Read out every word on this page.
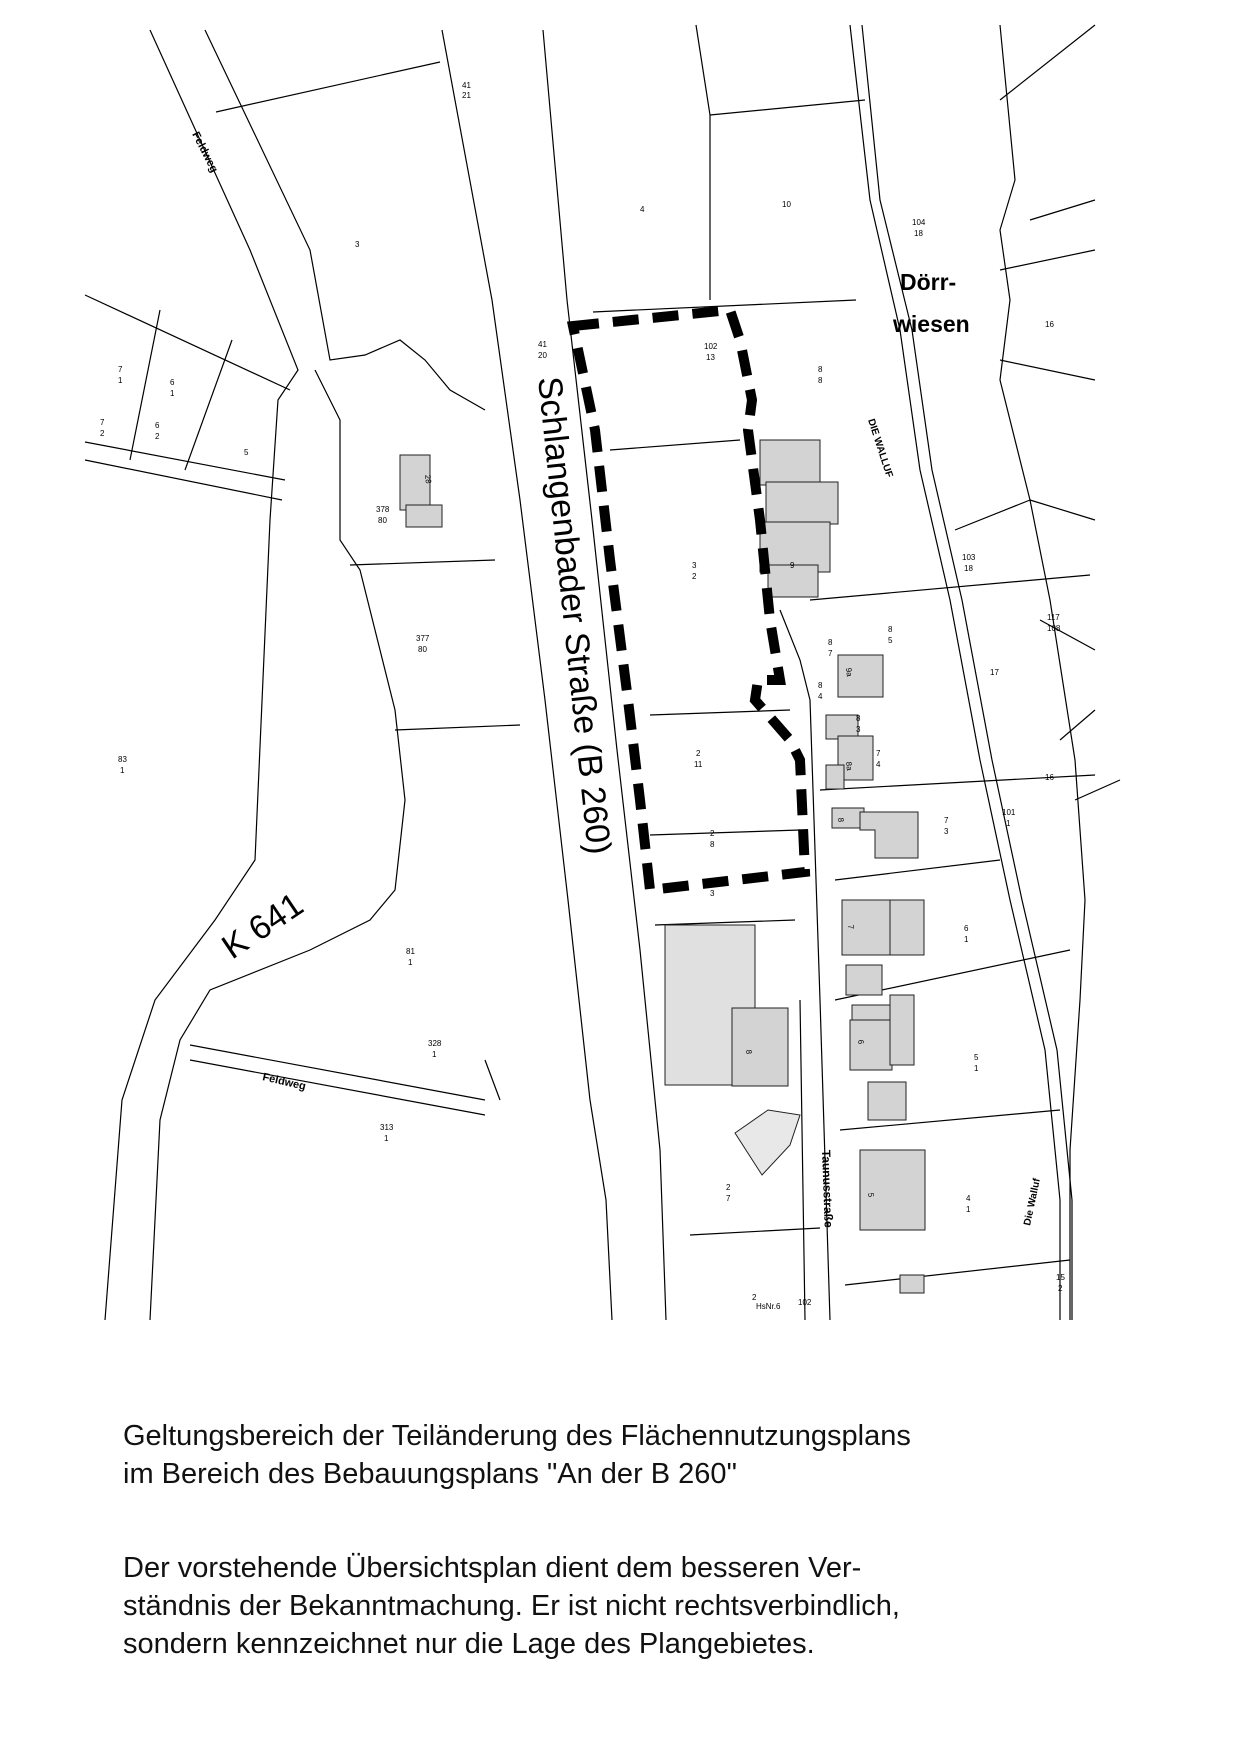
Schlangenbader Straße (B 260)
K 641
Feldweg
Feldweg
Taunusstraße
DIE WALLUF
Die Walluf
Dörr-
wiesen
41
21
4
10
3
104
18
16
41
20
102
13
8
8
7
1	6
1
7
2
6
2
5
378
80
28
3
2
9
103
18
117
108
377
80
8
7
8
5
9a	17
8
4
8
3
83
1
2
11	8a
7
4
16
101
1
8	7
3
2
8
2
3
7	6
1
81
1
328
1
6
5
1
8
313
1
5	4
1
2
7
15
2
2
HsNr.6 102
Geltungsbereich der Teiländerung des Flächennutzungsplans
im Bereich des Bebauungsplans "An der B 260"
Der vorstehende Übersichtsplan dient dem besseren Ver-
ständnis der Bekanntmachung. Er ist nicht rechtsverbindlich,
sondern kennzeichnet nur die Lage des Plangebietes.
